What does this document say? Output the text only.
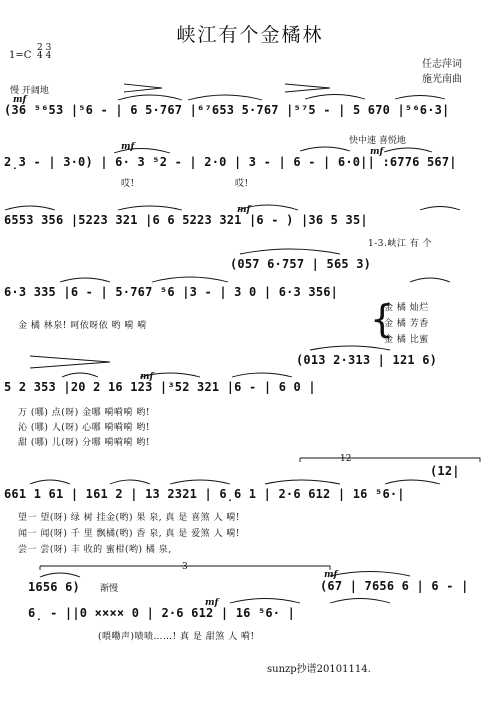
峡江有个金橘林
1=C
2 3
4 4
任志萍词
施光南曲
慢 开阔地
mf
(36 ⁵⁶53 |⁵6 - | 6 5·767 |⁶⁷653 5·767 |⁵⁷5 - | 5 670 |⁵⁶6·3|
快中速 喜悦地
mf	mf
2̣3 - | 3·0) | 6· 3 ⁵2 - | 2·0 | 3 - | 6 - | 6·0|| :6776 567|
哎!	哎!
mf
6553 356 |5223 321 |6 6 5223 321 |6 - ) |36 5 35|
1-3.峡江 有 个
(057 6·757 | 565 3)
6·3 335 |6 - | 5·767 ⁵6 |3 - | 3 0 | 6·3 356|
金 橘 林泉! 呵依呀依 哟 嗬 嗬	{
金 橘 灿烂
金 橘 芳香
金 橘 比蜜
(013 2·313 | 121 6)
mf
5 2 353 |20 2 16 123 |³52 321 |6 - | 6 0 |
万 (哪) 点(呀) 金哪 嗬嗬嗬 哟!
沁 (哪) 人(呀) 心哪 嗬嗬嗬 哟!
甜 (哪) 儿(呀) 分哪 嗬嗬嗬 哟!
12
(12|
661 1 61 | 161 2 | 13 2321 | 6̣6 1 | 2·6 612 | 16 ⁵6·|
望一 望(呀) 绿 树 挂金(哟) 果 泉, 真 是 喜煞 人 嗬!
闻一 闻(呀) 千 里 飘橘(哟) 香 泉, 真 是 爱煞 人 嗬!
尝一 尝(呀) 丰 收的 蜜柑(哟) 橘 泉,
3
1656 6) 渐慢	(67 | 7656 6 | 6 - |
mf
mf
6̣ - ||0 ×××× 0 | 2·6 612 | 16 ⁵6· |
(喂嘞声)啧啧……! 真 是 甜煞 人 嗬!
sunzp抄谱20101114.
